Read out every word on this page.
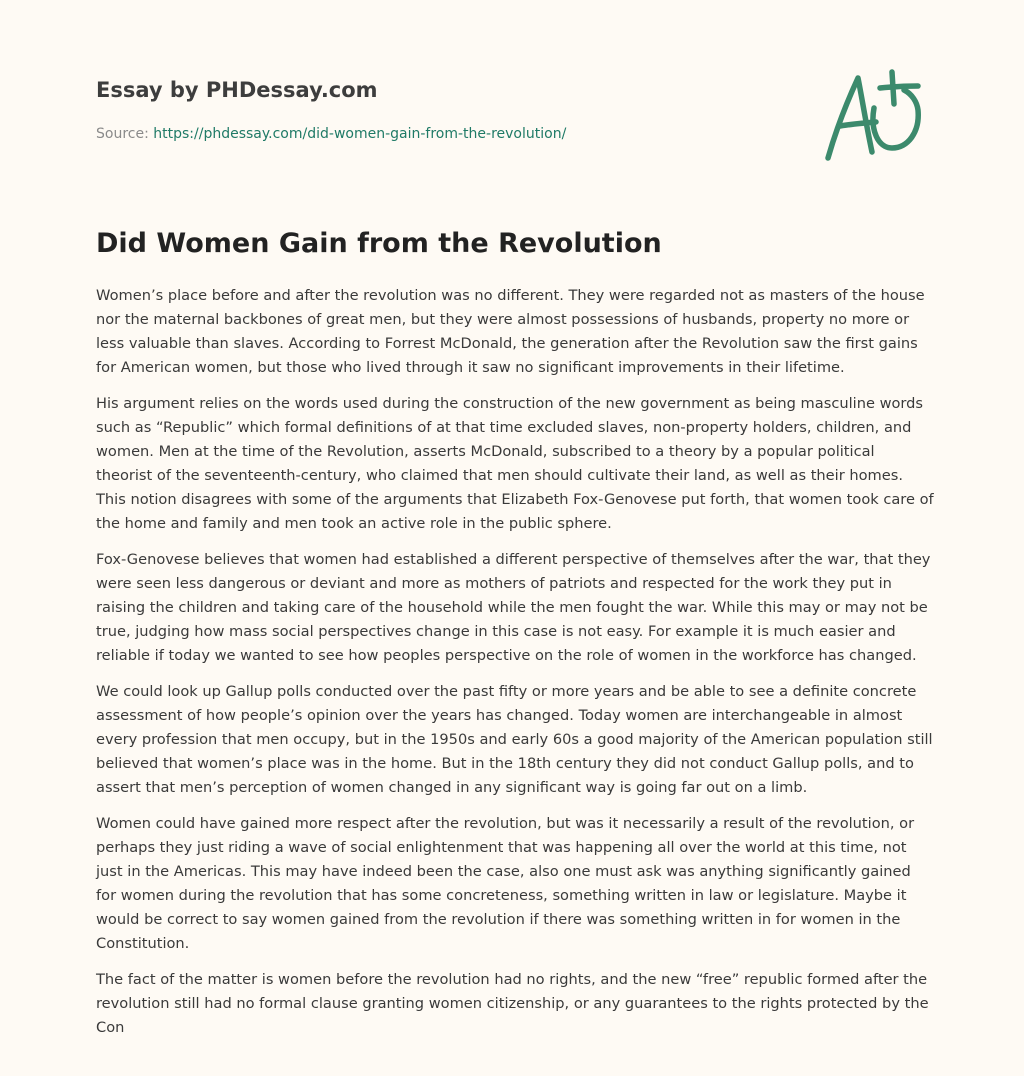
Essay by PHDessay.com
Source: https://phdessay.com/did-women-gain-from-the-revolution/
Did Women Gain from the Revolution

Women’s place before and after the revolution was no different. They were regarded not as masters of the house nor the maternal backbones of great men, but they were almost possessions of husbands, property no more or less valuable than slaves. According to Forrest McDonald, the generation after the Revolution saw the first gains for American women, but those who lived through it saw no significant improvements in their lifetime.

His argument relies on the words used during the construction of the new government as being masculine words such as “Republic” which formal definitions of at that time excluded slaves, non-property holders, children, and women. Men at the time of the Revolution, asserts McDonald, subscribed to a theory by a popular political theorist of the seventeenth-century, who claimed that men should cultivate their land, as well as their homes. This notion disagrees with some of the arguments that Elizabeth Fox-Genovese put forth, that women took care of the home and family and men took an active role in the public sphere.

Fox-Genovese believes that women had established a different perspective of themselves after the war, that they were seen less dangerous or deviant and more as mothers of patriots and respected for the work they put in raising the children and taking care of the household while the men fought the war. While this may or may not be true, judging how mass social perspectives change in this case is not easy. For example it is much easier and reliable if today we wanted to see how peoples perspective on the role of women in the workforce has changed.

We could look up Gallup polls conducted over the past fifty or more years and be able to see a definite concrete assessment of how people’s opinion over the years has changed. Today women are interchangeable in almost every profession that men occupy, but in the 1950s and early 60s a good majority of the American population still believed that women’s place was in the home. But in the 18th century they did not conduct Gallup polls, and to assert that men’s perception of women changed in any significant way is going far out on a limb.

Women could have gained more respect after the revolution, but was it necessarily a result of the revolution, or perhaps they just riding a wave of social enlightenment that was happening all over the world at this time, not just in the Americas. This may have indeed been the case, also one must ask was anything significantly gained for women during the revolution that has some concreteness, something written in law or legislature. Maybe it would be correct to say women gained from the revolution if there was something written in for women in the Constitution.

The fact of the matter is women before the revolution had no rights, and the new “free” republic formed after the revolution still had no formal clause granting women citizenship, or any guarantees to the rights protected by the Con
